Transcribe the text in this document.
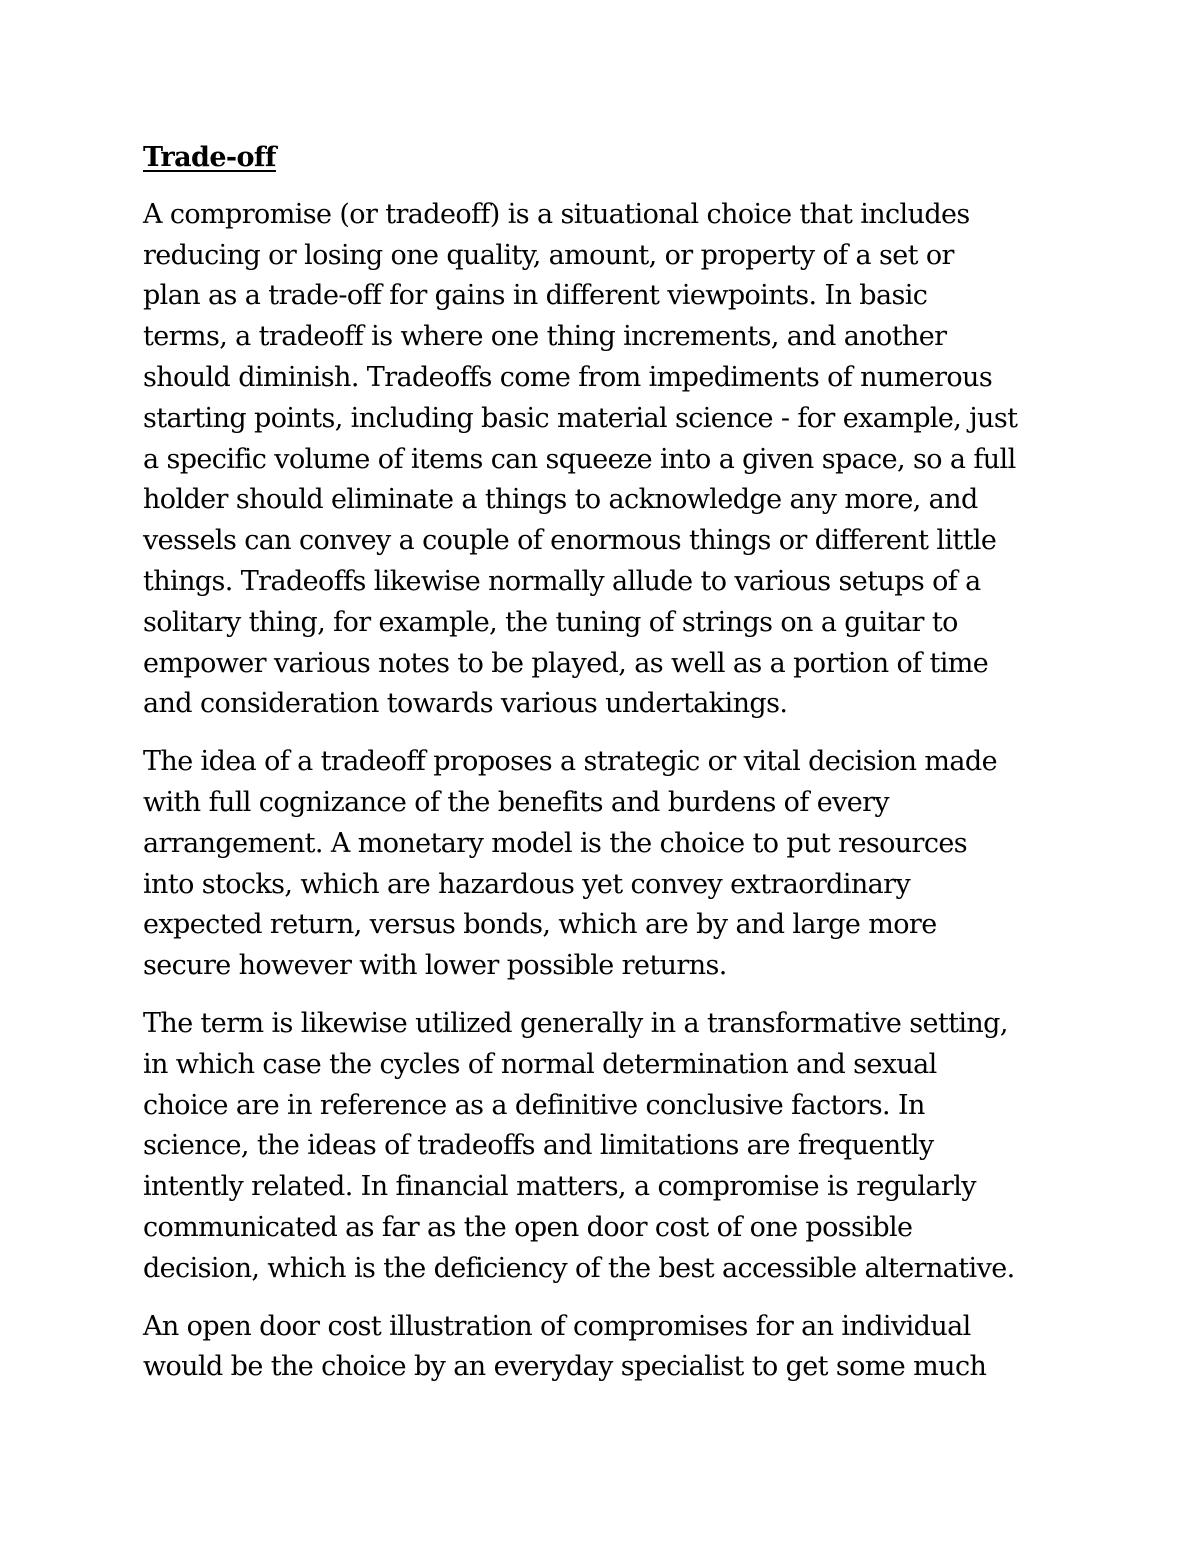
Trade-off

A compromise (or tradeoff) is a situational choice that includes
reducing or losing one quality, amount, or property of a set or
plan as a trade-off for gains in different viewpoints. In basic
terms, a tradeoff is where one thing increments, and another
should diminish. Tradeoffs come from impediments of numerous
starting points, including basic material science - for example, just
a specific volume of items can squeeze into a given space, so a full
holder should eliminate a things to acknowledge any more, and
vessels can convey a couple of enormous things or different little
things. Tradeoffs likewise normally allude to various setups of a
solitary thing, for example, the tuning of strings on a guitar to
empower various notes to be played, as well as a portion of time
and consideration towards various undertakings.

The idea of a tradeoff proposes a strategic or vital decision made
with full cognizance of the benefits and burdens of every
arrangement. A monetary model is the choice to put resources
into stocks, which are hazardous yet convey extraordinary
expected return, versus bonds, which are by and large more
secure however with lower possible returns.

The term is likewise utilized generally in a transformative setting,
in which case the cycles of normal determination and sexual
choice are in reference as a definitive conclusive factors. In
science, the ideas of tradeoffs and limitations are frequently
intently related. In financial matters, a compromise is regularly
communicated as far as the open door cost of one possible
decision, which is the deficiency of the best accessible alternative.

An open door cost illustration of compromises for an individual
would be the choice by an everyday specialist to get some much
